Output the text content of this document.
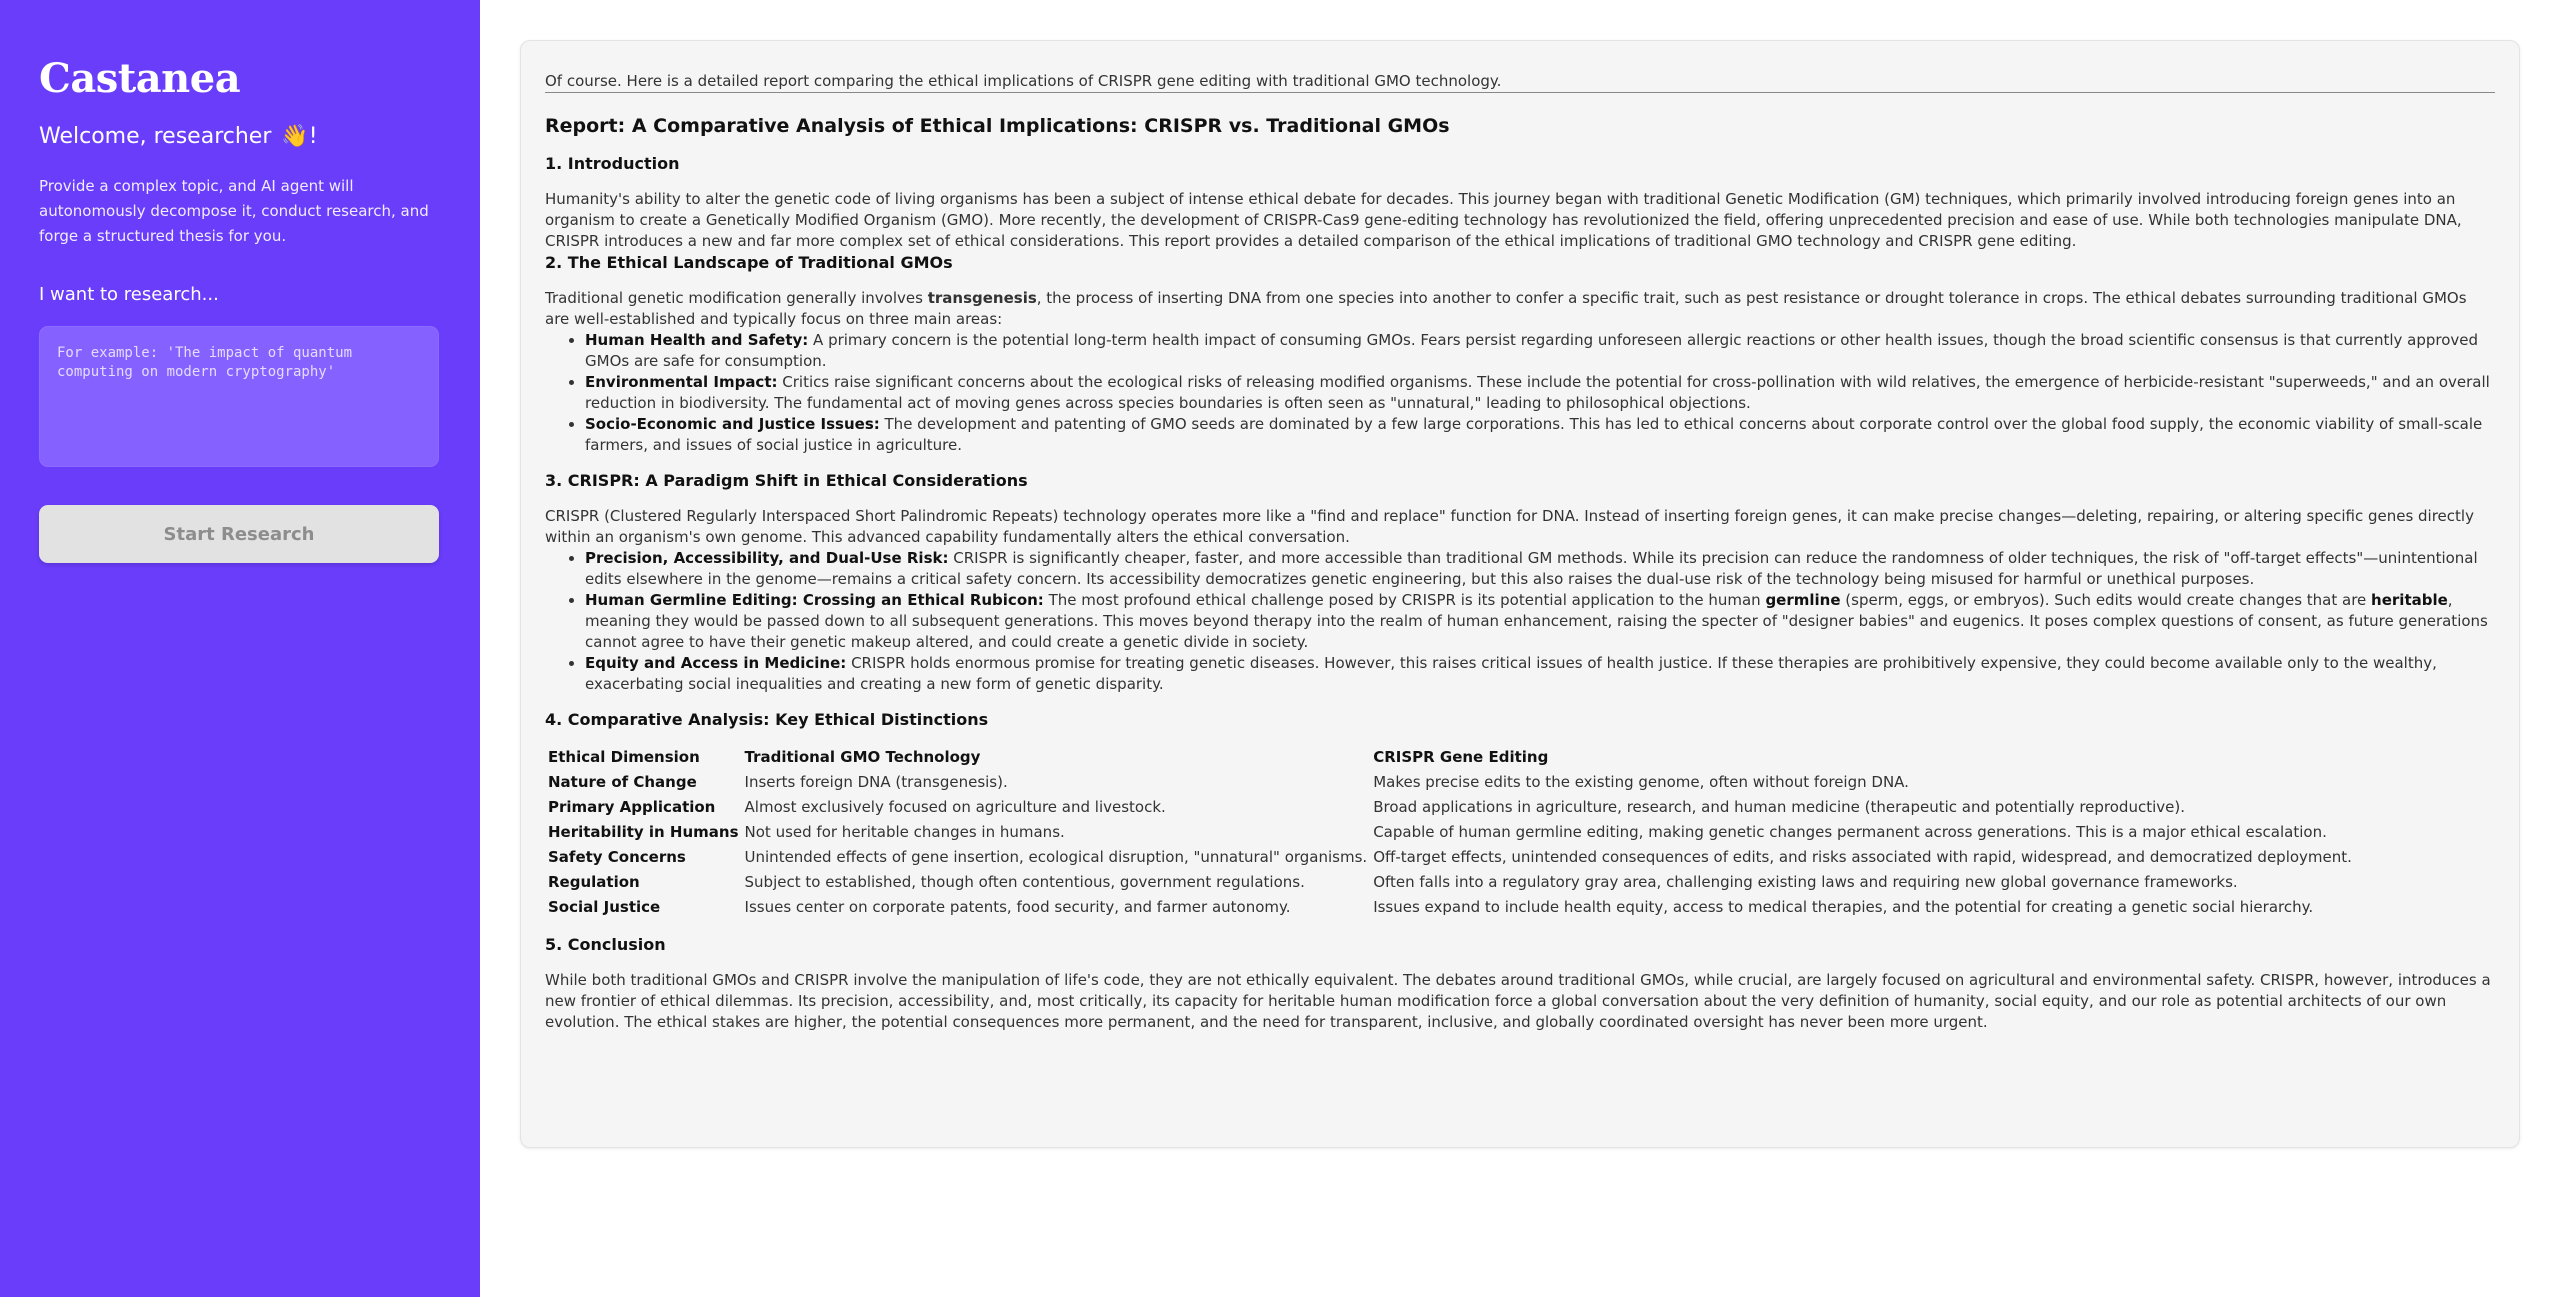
Castanea
Welcome, researcher 👋!

Provide a complex topic, and AI agent will autonomously decompose it, conduct research, and forge a structured thesis for you.

I want to research...
For example: 'The impact of quantum computing on modern cryptography'
Start Research

Of course. Here is a detailed report comparing the ethical implications of CRISPR gene editing with traditional GMO technology.

Report: A Comparative Analysis of Ethical Implications: CRISPR vs. Traditional GMOs
1. Introduction

Humanity's ability to alter the genetic code of living organisms has been a subject of intense ethical debate for decades. This journey began with traditional Genetic Modification (GM) techniques, which primarily involved introducing foreign genes into an organism to create a Genetically Modified Organism (GMO). More recently, the development of CRISPR-Cas9 gene-editing technology has revolutionized the field, offering unprecedented precision and ease of use. While both technologies manipulate DNA, CRISPR introduces a new and far more complex set of ethical considerations. This report provides a detailed comparison of the ethical implications of traditional GMO technology and CRISPR gene editing.

2. The Ethical Landscape of Traditional GMOs

Traditional genetic modification generally involves transgenesis, the process of inserting DNA from one species into another to confer a specific trait, such as pest resistance or drought tolerance in crops. The ethical debates surrounding traditional GMOs are well-established and typically focus on three main areas:

• Human Health and Safety: A primary concern is the potential long-term health impact of consuming GMOs. Fears persist regarding unforeseen allergic reactions or other health issues, though the broad scientific consensus is that currently approved GMOs are safe for consumption.
• Environmental Impact: Critics raise significant concerns about the ecological risks of releasing modified organisms. These include the potential for cross-pollination with wild relatives, the emergence of herbicide-resistant "superweeds," and an overall reduction in biodiversity. The fundamental act of moving genes across species boundaries is often seen as "unnatural," leading to philosophical objections.
• Socio-Economic and Justice Issues: The development and patenting of GMO seeds are dominated by a few large corporations. This has led to ethical concerns about corporate control over the global food supply, the economic viability of small-scale farmers, and issues of social justice in agriculture.
3. CRISPR: A Paradigm Shift in Ethical Considerations

CRISPR (Clustered Regularly Interspaced Short Palindromic Repeats) technology operates more like a "find and replace" function for DNA. Instead of inserting foreign genes, it can make precise changes—deleting, repairing, or altering specific genes directly within an organism's own genome. This advanced capability fundamentally alters the ethical conversation.

• Precision, Accessibility, and Dual-Use Risk: CRISPR is significantly cheaper, faster, and more accessible than traditional GM methods. While its precision can reduce the randomness of older techniques, the risk of "off-target effects"—unintentional edits elsewhere in the genome—remains a critical safety concern. Its accessibility democratizes genetic engineering, but this also raises the dual-use risk of the technology being misused for harmful or unethical purposes.
• Human Germline Editing: Crossing an Ethical Rubicon: The most profound ethical challenge posed by CRISPR is its potential application to the human germline (sperm, eggs, or embryos). Such edits would create changes that are heritable, meaning they would be passed down to all subsequent generations. This moves beyond therapy into the realm of human enhancement, raising the specter of "designer babies" and eugenics. It poses complex questions of consent, as future generations cannot agree to have their genetic makeup altered, and could create a genetic divide in society.
• Equity and Access in Medicine: CRISPR holds enormous promise for treating genetic diseases. However, this raises critical issues of health justice. If these therapies are prohibitively expensive, they could become available only to the wealthy, exacerbating social inequalities and creating a new form of genetic disparity.
4. Comparative Analysis: Key Ethical Distinctions
Ethical Dimension	Traditional GMO Technology	CRISPR Gene Editing
Nature of Change	Inserts foreign DNA (transgenesis).	Makes precise edits to the existing genome, often without foreign DNA.
Primary Application	Almost exclusively focused on agriculture and livestock.	Broad applications in agriculture, research, and human medicine (therapeutic and potentially reproductive).
Heritability in Humans	Not used for heritable changes in humans.	Capable of human germline editing, making genetic changes permanent across generations. This is a major ethical escalation.
Safety Concerns	Unintended effects of gene insertion, ecological disruption, "unnatural" organisms.	Off-target effects, unintended consequences of edits, and risks associated with rapid, widespread, and democratized deployment.
Regulation	Subject to established, though often contentious, government regulations.	Often falls into a regulatory gray area, challenging existing laws and requiring new global governance frameworks.
Social Justice	Issues center on corporate patents, food security, and farmer autonomy.	Issues expand to include health equity, access to medical therapies, and the potential for creating a genetic social hierarchy.
5. Conclusion

While both traditional GMOs and CRISPR involve the manipulation of life's code, they are not ethically equivalent. The debates around traditional GMOs, while crucial, are largely focused on agricultural and environmental safety. CRISPR, however, introduces a new frontier of ethical dilemmas. Its precision, accessibility, and, most critically, its capacity for heritable human modification force a global conversation about the very definition of humanity, social equity, and our role as potential architects of our own evolution. The ethical stakes are higher, the potential consequences more permanent, and the need for transparent, inclusive, and globally coordinated oversight has never been more urgent.
